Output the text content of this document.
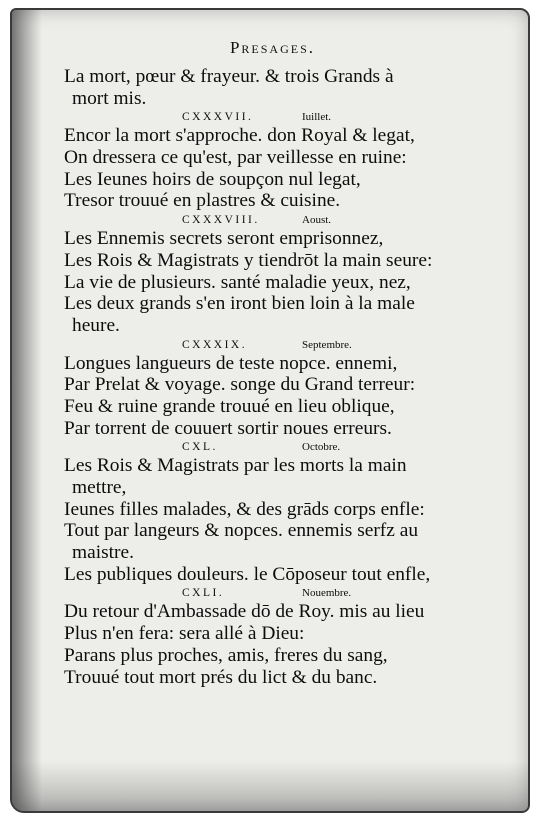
Presages.
La mort, pœur & frayeur. & trois Grands à
mort mis.
CXXXVII.	Iuillet.
Encor la mort s'approche. don Royal & legat,
On dressera ce qu'est, par veillesse en ruine:
Les Ieunes hoirs de soupçon nul legat,
Tresor trouué en plastres & cuisine.
CXXXVIII.	Aoust.
Les Ennemis secrets seront emprisonnez,
Les Rois & Magistrats y tiendrōt la main seure:
La vie de plusieurs. santé maladie yeux, nez,
Les deux grands s'en iront bien loin à la male
heure.
CXXXIX.	Septembre.
Longues langueurs de teste nopce. ennemi,
Par Prelat & voyage. songe du Grand terreur:
Feu & ruine grande trouué en lieu oblique,
Par torrent de couuert sortir noues erreurs.
CXL.	Octobre.
Les Rois & Magistrats par les morts la main
mettre,
Ieunes filles malades, & des grāds corps enfle:
Tout par langeurs & nopces. ennemis serfz au
maistre.
Les publiques douleurs. le Cōposeur tout enfle,
CXLI.	Nouembre.
Du retour d'Ambassade dō de Roy. mis au lieu
Plus n'en fera: sera allé à Dieu:
Parans plus proches, amis, freres du sang,
Trouué tout mort prés du lict & du banc.
